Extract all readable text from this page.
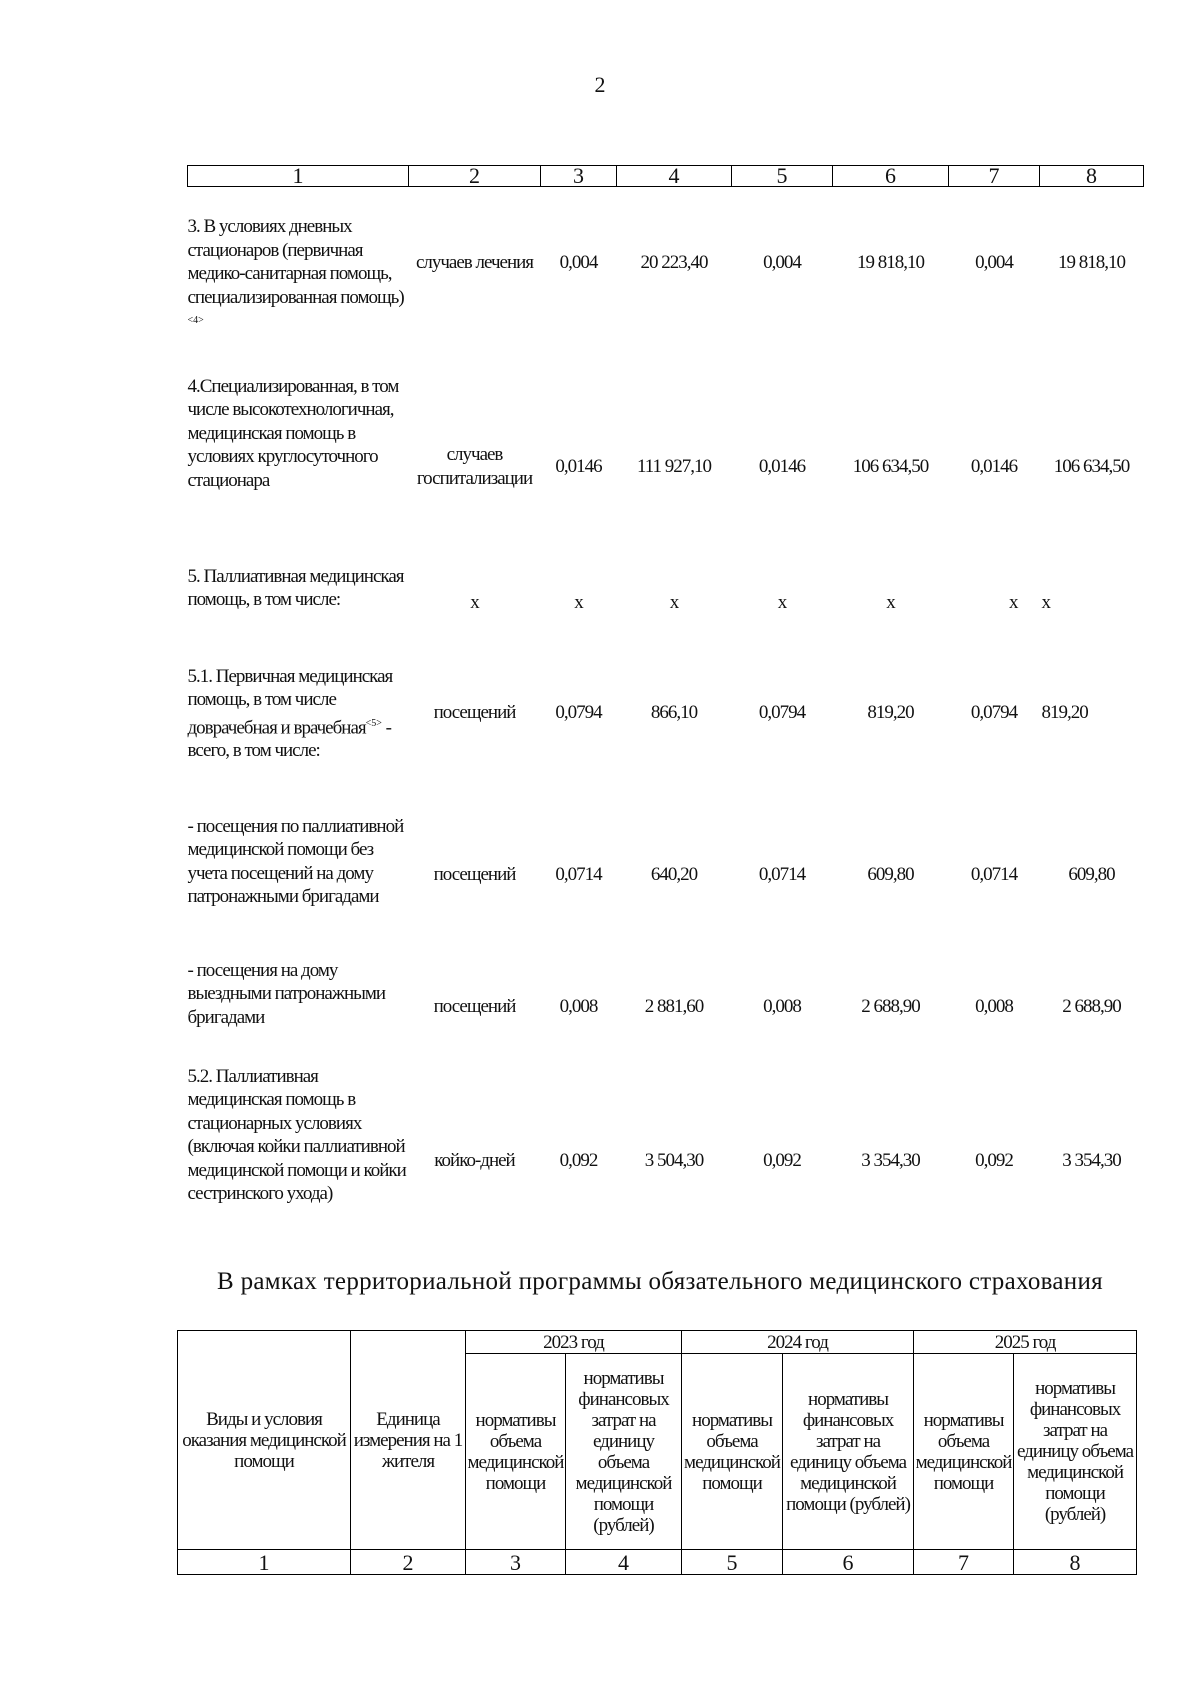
2
1	2	3	4	5	6	7	8
3. В условиях дневных стационаров (первичная медико-санитарная помощь, специализированная помощь)$^{<4>}$	случаев лечения	0,004	20 223,40	0,004	19 818,10	0,004	19 818,10
4.Специализированная, в том числе высокотехнологичная, медицинская помощь в условиях круглосуточного стационара	случаев госпитализации	0,0146	111 927,10	0,0146	106 634,50	0,0146	106 634,50
5. Паллиативная медицинская помощь, в том числе:	х	х	х	х	х	х	х
5.1. Первичная медицинская помощь, в том числе доврачебная и врачебная$^{<5>}$ - всего, в том числе:	посещений	0,0794	866,10	0,0794	819,20	0,0794	819,20
- посещения по паллиативной медицинской помощи без учета посещений на дому патронажными бригадами	посещений	0,0714	640,20	0,0714	609,80	0,0714	609,80
- посещения на дому выездными патронажными бригадами	посещений	0,008	2 881,60	0,008	2 688,90	0,008	2 688,90
5.2. Паллиативная медицинская помощь в стационарных условиях (включая койки паллиативной медицинской помощи и койки сестринского ухода)	койко-дней	0,092	3 504,30	0,092	3 354,30	0,092	3 354,30
В рамках территориальной программы обязательного медицинского страхования
Виды и условия оказания медицинской помощи	Единица измерения на 1 жителя	2023 год		2024 год		2025 год	
		нормативы объема медицинской помощи	нормативы финансовых затрат на единицу объема медицинской помощи (рублей)	нормативы объема медицинской помощи	нормативы финансовых затрат на единицу объема медицинской помощи (рублей)	нормативы объема медицинской помощи	нормативы финансовых затрат на единицу объема медицинской помощи (рублей)
1	2	3	4	5	6	7	8
